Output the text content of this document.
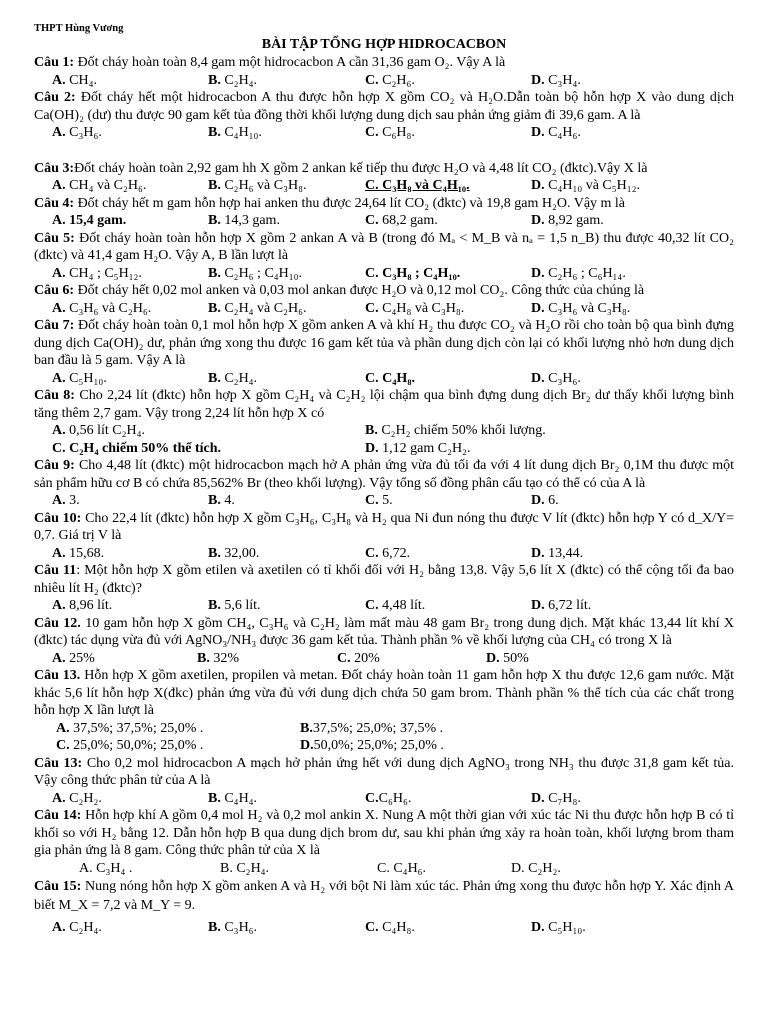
THPT Hùng Vương
BÀI TẬP TỔNG HỢP HIDROCACBON

Câu 1: Đốt cháy hoàn toàn 8,4 gam một hidrocacbon A cần 31,36 gam O₂. Vậy A là

A. CH₄.	B. C₂H₄.	C. C₂H₆.	D. C₃H₄.

Câu 2: Đốt cháy hết một hidrocacbon A thu được hỗn hợp X gồm CO₂ và H₂O.Dẫn toàn bộ hỗn hợp X vào dung dịch Ca(OH)₂ (dư) thu được 90 gam kết tủa đồng thời khối lượng dung dịch sau phản ứng giảm đi 39,6 gam. A là

A. C₃H₆.	B. C₄H₁₀.	C. C₆H₈.	D. C₄H₆.

Câu 3:Đốt cháy hoàn toàn 2,92 gam hh X gồm 2 ankan kế tiếp thu được H₂O và 4,48 lít CO₂ (đktc).Vậy X là

A. CH₄ và C₂H₆.	B. C₂H₆ và C₃H₈.	C. C₃H₈ và C₄H₁₀.	D. C₄H₁₀ và C₅H₁₂.

Câu 4: Đốt cháy hết m gam hỗn hợp hai anken thu được 24,64 lít CO₂ (đktc) và 19,8 gam H₂O. Vậy m là

A. 15,4 gam.	B. 14,3 gam.	C. 68,2 gam.	D. 8,92 gam.

Câu 5: Đốt cháy hoàn toàn hỗn hợp X gồm 2 ankan A và B (trong đó Mₐ < M_B và nₐ = 1,5 n_B) thu được 40,32 lít CO₂ (đktc) và 41,4 gam H₂O. Vậy A, B lần lượt là

A. CH₄ ; C₅H₁₂.	B. C₂H₆ ; C₄H₁₀.	C. C₃H₈ ; C₄H₁₀.	D. C₂H₆ ; C₆H₁₄.

Câu 6: Đốt cháy hết 0,02 mol anken và 0,03 mol ankan được H₂O và 0,12 mol CO₂. Công thức của chúng là

A. C₃H₆ và C₂H₆.	B. C₂H₄ và C₂H₆.	C. C₄H₈ và C₃H₈.	D. C₃H₆ và C₃H₈.

Câu 7: Đốt cháy hoàn toàn 0,1 mol hỗn hợp X gồm anken A và khí H₂ thu được CO₂ và H₂O rồi cho toàn bộ qua bình đựng dung dịch Ca(OH)₂ dư, phản ứng xong thu được 16 gam kết tủa và phần dung dịch còn lại có khối lượng nhỏ hơn dung dịch ban đầu là 5 gam. Vậy A là

A. C₅H₁₀.	B. C₂H₄.	C. C₄H₈.	D. C₃H₆.

Câu 8: Cho 2,24 lít (đktc) hỗn hợp X gồm C₂H₄ và C₂H₂ lội chậm qua bình đựng dung dịch Br₂ dư thấy khối lượng bình tăng thêm 2,7 gam. Vậy trong 2,24 lít hỗn hợp X có

A. 0,56 lít C₂H₄.	B. C₂H₂ chiếm 50% khối lượng.
C. C₂H₄ chiếm 50% thể tích.	D. 1,12 gam C₂H₂.

Câu 9: Cho 4,48 lít (đktc) một hidrocacbon mạch hở A phản ứng vừa đủ tối đa với 4 lít dung dịch Br₂ 0,1M thu được một sản phẩm hữu cơ B có chứa 85,562% Br (theo khối lượng). Vậy tổng số đồng phân cấu tạo có thể có của A là

A. 3.	B. 4.	C. 5.	D. 6.

Câu 10: Cho 22,4 lít (đktc) hỗn hợp X gồm C₃H₆, C₃H₈ và H₂ qua Ni đun nóng thu được V lít (đktc) hỗn hợp Y có d_X/Y= 0,7. Giá trị V là

A. 15,68.	B. 32,00.	C. 6,72.	D. 13,44.

Câu 11: Một hỗn hợp X gồm etilen và axetilen có tỉ khối đối với H₂ bằng 13,8. Vậy 5,6 lít X (đktc) có thể cộng tối đa bao nhiêu lít H₂ (đktc)?

A. 8,96 lít.	B. 5,6 lít.	C. 4,48 lít.	D. 6,72 lít.

Câu 12. 10 gam hỗn hợp X gồm CH₄, C₃H₆ và C₂H₂ làm mất màu 48 gam Br₂ trong dung dịch. Mặt khác 13,44 lít khí X (đktc) tác dụng vừa đủ với AgNO₃/NH₃ được 36 gam kết tủa. Thành phần % về khối lượng của CH₄ có trong X là

A. 25%	B. 32%	C. 20%	D. 50%

Câu 13. Hỗn hợp X gồm axetilen, propilen và metan. Đốt cháy hoàn toàn 11 gam hỗn hợp X thu được 12,6 gam nước. Mặt khác 5,6 lít hỗn hợp X(đkc) phản ứng vừa đủ với dung dịch chứa 50 gam brom. Thành phần % thể tích của các chất trong hỗn hợp X lần lượt là

A. 37,5%; 37,5%; 25,0% .	B.37,5%; 25,0%; 37,5% .
C. 25,0%; 50,0%; 25,0% .	D.50,0%; 25,0%; 25,0% .

Câu 13: Cho 0,2 mol hidrocacbon A mạch hở phản ứng hết với dung dịch AgNO₃ trong NH₃ thu được 31,8 gam kết tủa. Vậy công thức phân tử của A là

A. C₂H₂.	B. C₄H₄.	C.C₆H₆.	D. C₇H₈.

Câu 14: Hỗn hợp khí A gồm 0,4 mol H₂ và 0,2 mol ankin X. Nung A một thời gian với xúc tác Ni thu được hỗn hợp B có tỉ khối so với H₂ bằng 12. Dẫn hỗn hợp B qua dung dịch brom dư, sau khi phản ứng xảy ra hoàn toàn, khối lượng brom tham gia phản ứng là 8 gam. Công thức phân tử của X là

A. C₃H₄ .	B. C₂H₄.	C. C₄H₆.	D. C₂H₂.

Câu 15: Nung nóng hỗn hợp X gồm anken A và H₂ với bột Ni làm xúc tác. Phản ứng xong thu được hỗn hợp Y. Xác định A biết M_X = 7,2 và M_Y = 9.

A. C₂H₄.	B. C₃H₆.	C. C₄H₈.	D. C₅H₁₀.
